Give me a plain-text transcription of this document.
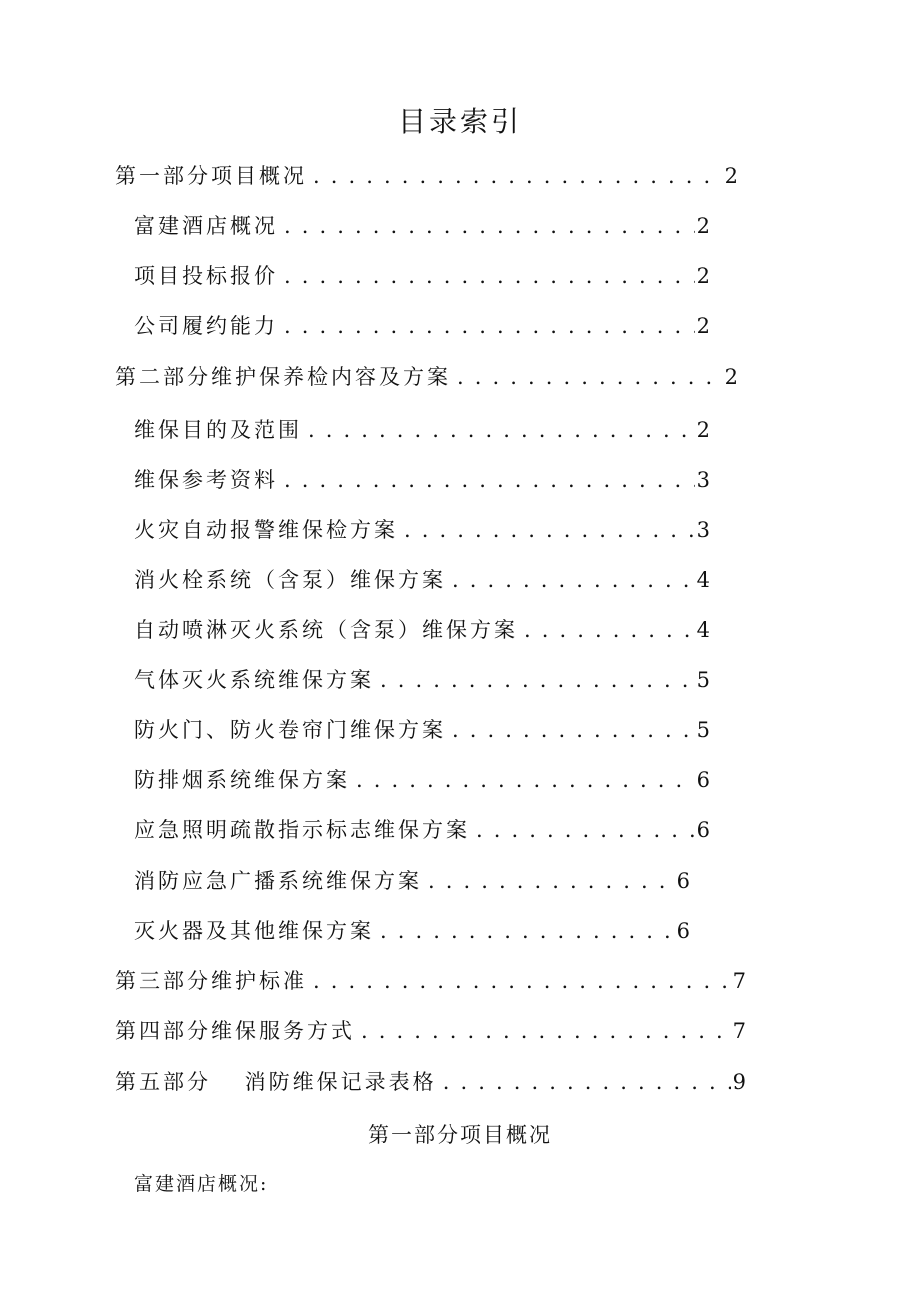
目录索引
第一部分项目概况 . . .	2
富建酒店概况 . . .	2
项目投标报价 . . .	2
公司履约能力 . . .	2
第二部分维护保养检内容及方案 . . .	2
维保目的及范围 . . .	2
维保参考资料 . . .	3
火灾自动报警维保检方案 . . .	3
消火栓系统（含泵）维保方案 . . .	4
自动喷淋灭火系统（含泵）维保方案 . . .	4
气体灭火系统维保方案 . . .	5
防火门、防火卷帘门维保方案 . . .	5
防排烟系统维保方案 . . .	6
应急照明疏散指示标志维保方案 . . .	6
消防应急广播系统维保方案 . . .	6
灭火器及其他维保方案 . . .	6
第三部分维护标准 . . .	7
第四部分维保服务方式 . . .	7
第五部分　 消防维保记录表格 . . .	9
第一部分项目概况
富建酒店概况:
